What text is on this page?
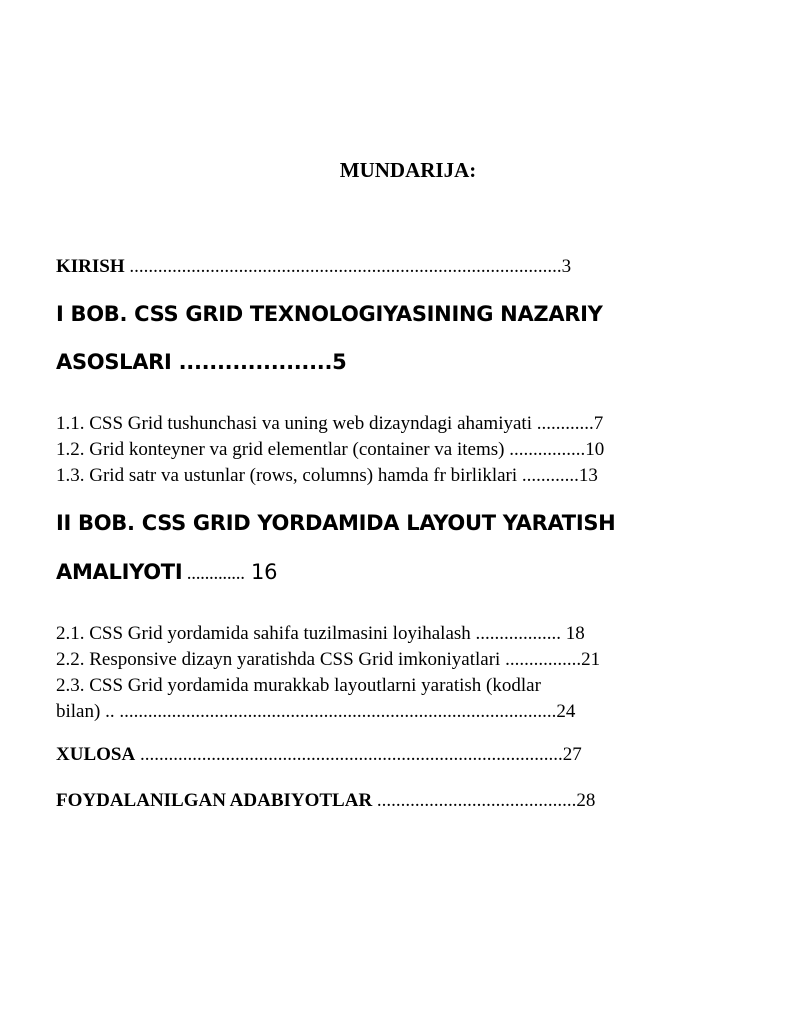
MUNDARIJA:
KIRISH ...........................................................................................3
I BOB. CSS GRID TEXNOLOGIYASINING NAZARIY
ASOSLARI ....................5
1.1. CSS Grid tushunchasi va uning web dizayndagi ahamiyati ............7
1.2. Grid konteyner va grid elementlar (container va items) ................10
1.3. Grid satr va ustunlar (rows, columns) hamda fr birliklari ............13
II BOB. CSS GRID YORDAMIDA LAYOUT YARATISH
AMALIYOTI ............. 16
2.1. CSS Grid yordamida sahifa tuzilmasini loyihalash .................. 18
2.2. Responsive dizayn yaratishda CSS Grid imkoniyatlari ................21
2.3. CSS Grid yordamida murakkab layoutlarni yaratish (kodlar
bilan) .. ............................................................................................24
XULOSA .........................................................................................27
FOYDALANILGAN ADABIYOTLAR ..........................................28
